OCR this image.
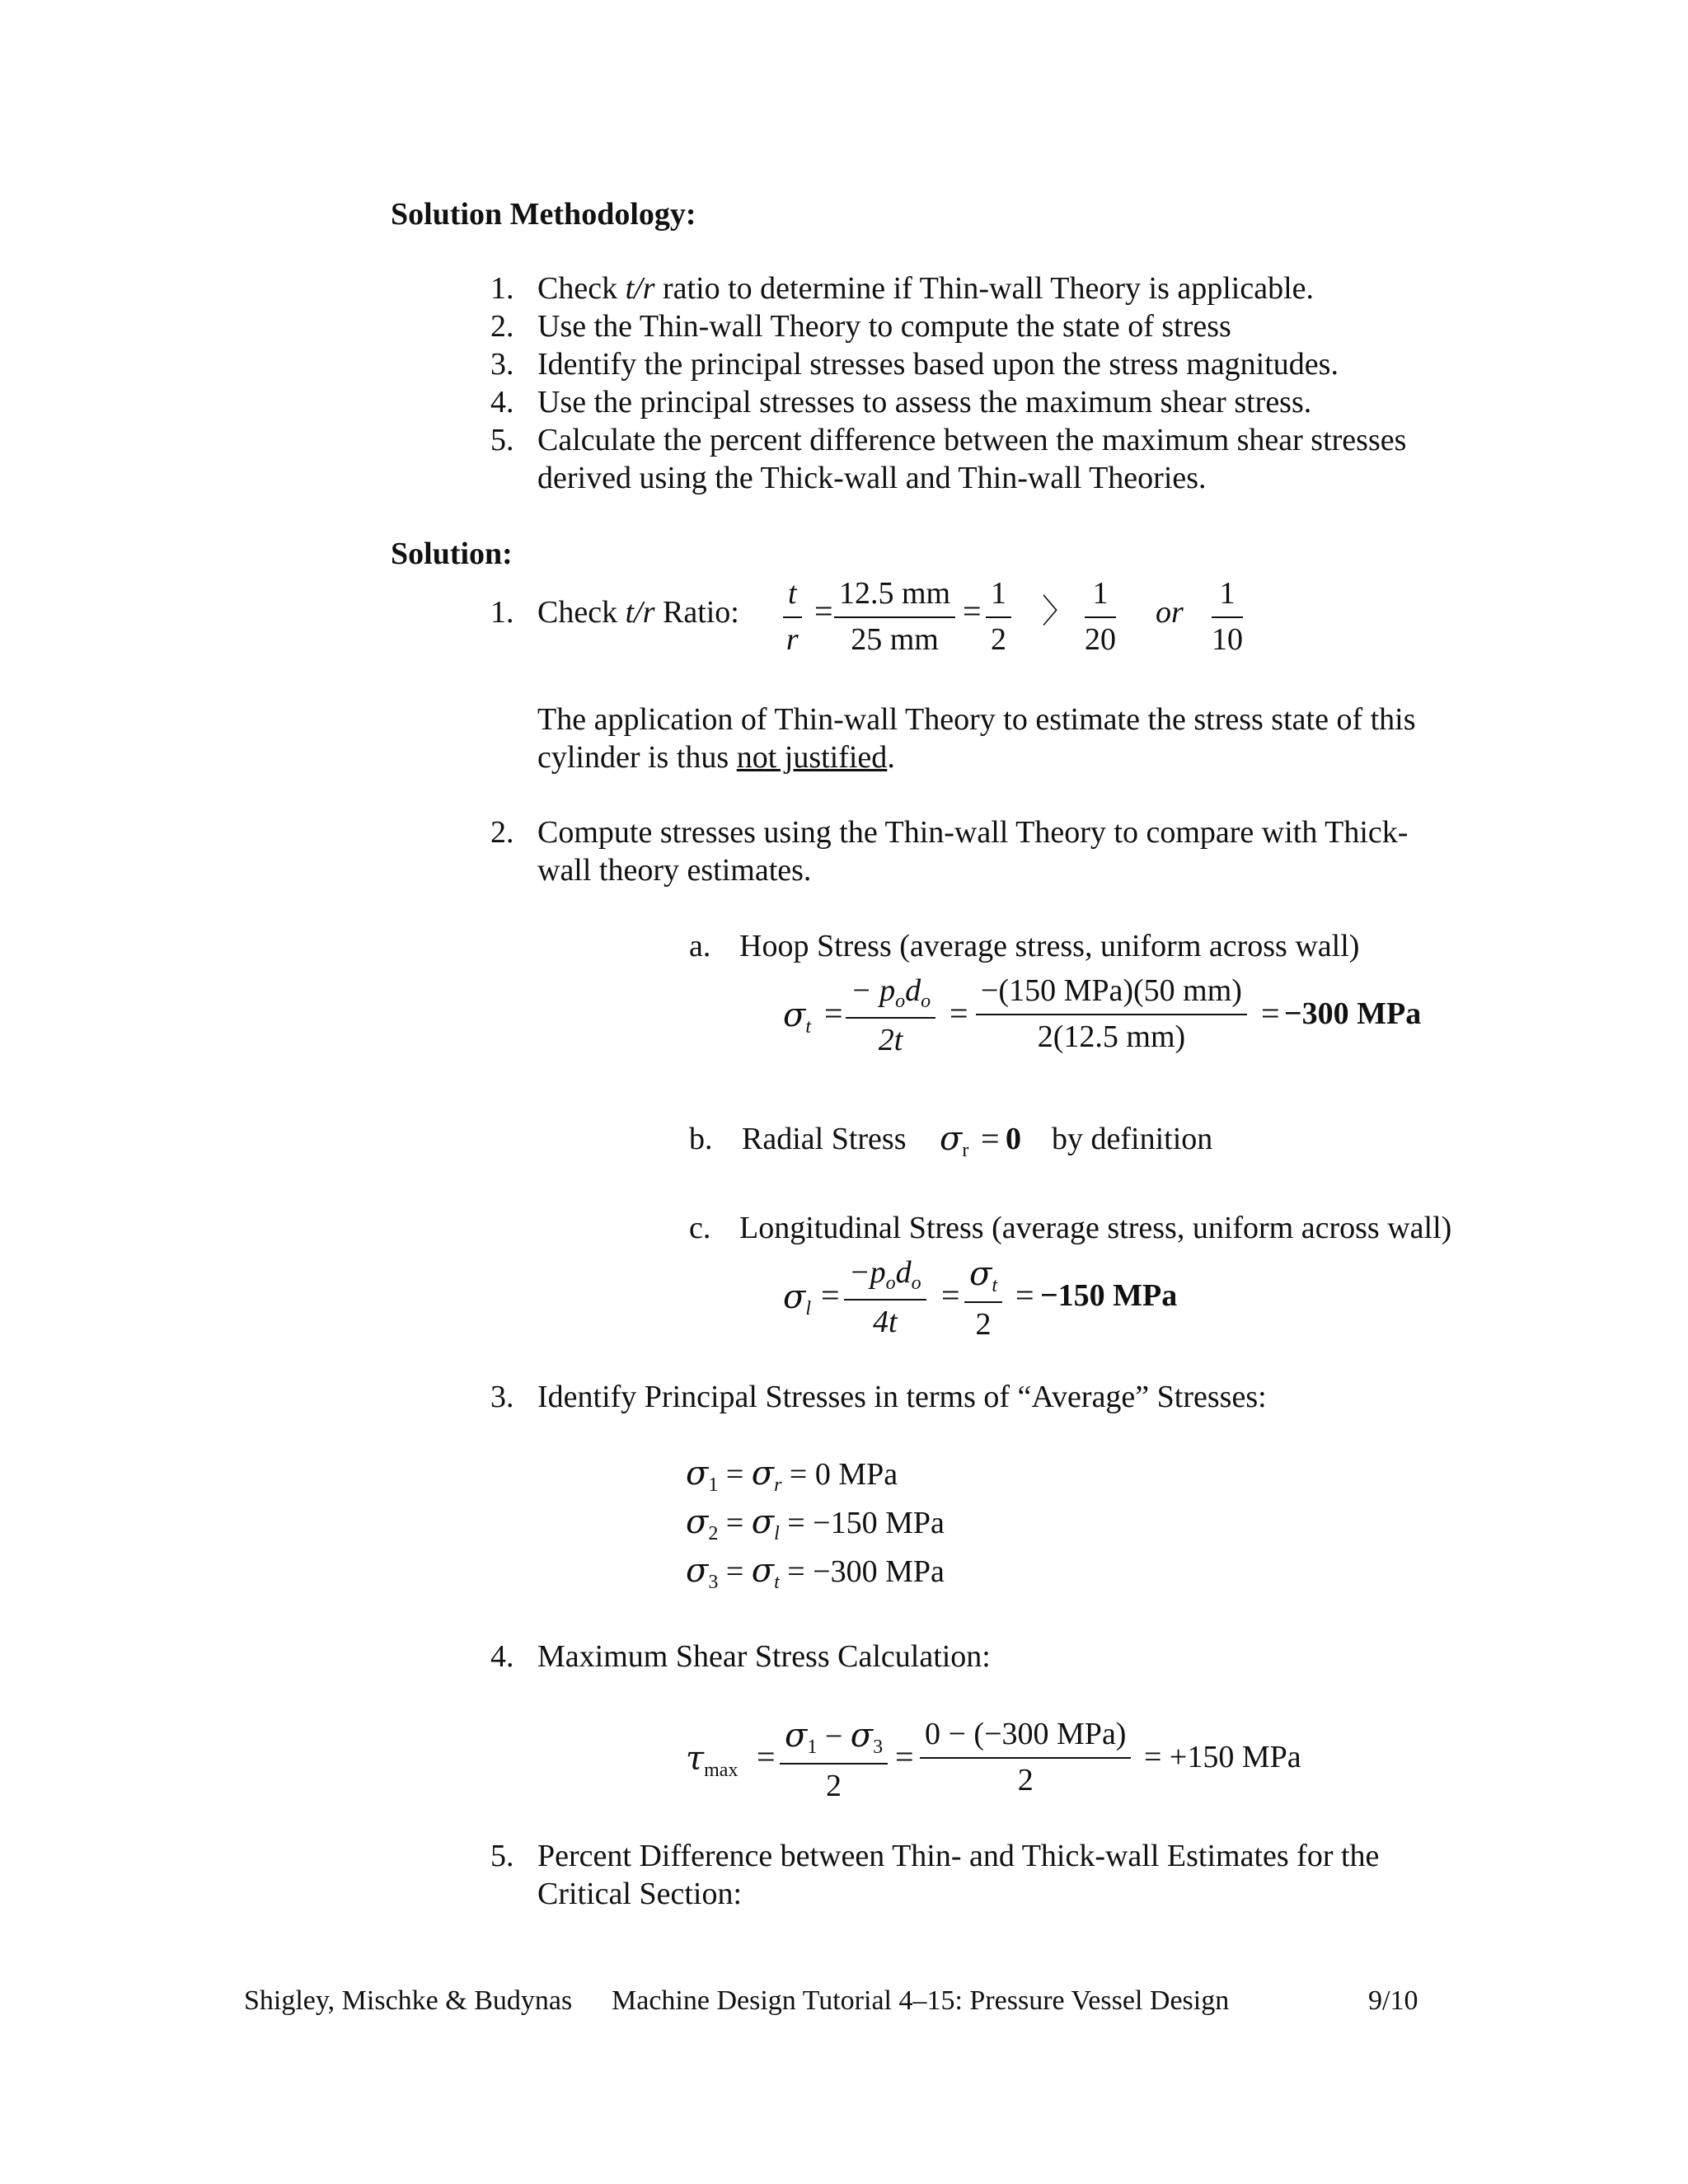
Solution Methodology:
1. Check t/r ratio to determine if Thin-wall Theory is applicable.
2. Use the Thin-wall Theory to compute the state of stress
3. Identify the principal stresses based upon the stress magnitudes.
4. Use the principal stresses to assess the maximum shear stress.
5. Calculate the percent difference between the maximum shear stresses
derived using the Thick-wall and Thin-wall Theories.
Solution:
1. Check t/r Ratio: $\frac{t}{r} = \frac{12.5 mm}{25 mm} = \frac{1}{2}$ 〉 $\frac{1}{20}$ or $\frac{1}{10}$
The application of Thin-wall Theory to estimate the stress state of this
cylinder is thus not justified.
2. Compute stresses using the Thin-wall Theory to compare with Thick-
wall theory estimates.
a. Hoop Stress (average stress, uniform across wall)
$\sigma_t$ =
− $p_od_o$
2t
=
−(150 MPa)(50 mm)
2(12.5 mm)
= −300 MPa
b. Radial Stress $\sigma_r = 0$ by definition
c. Longitudinal Stress (average stress, uniform across wall)
$\sigma_l$ =
$-p_od_o$
4t
= $\frac{\sigma_t}{2} = -150$ MPa
3. Identify Principal Stresses in terms of “Average” Stresses:
$\sigma_1 = \sigma_r = 0$ MPa
$\sigma_2 = \sigma_l = -150$ MPa
$\sigma_3 = \sigma_t = -300$ MPa
4. Maximum Shear Stress Calculation:
$\tau_{max} = \frac{\sigma_1 - \sigma_3}{2}$ =
0 − (−300 MPa)
2
= +150 MPa
5. Percent Difference between Thin- and Thick-wall Estimates for the
Critical Section:
Shigley, Mischke & Budynas Machine Design Tutorial 4–15: Pressure Vessel Design	9/10
